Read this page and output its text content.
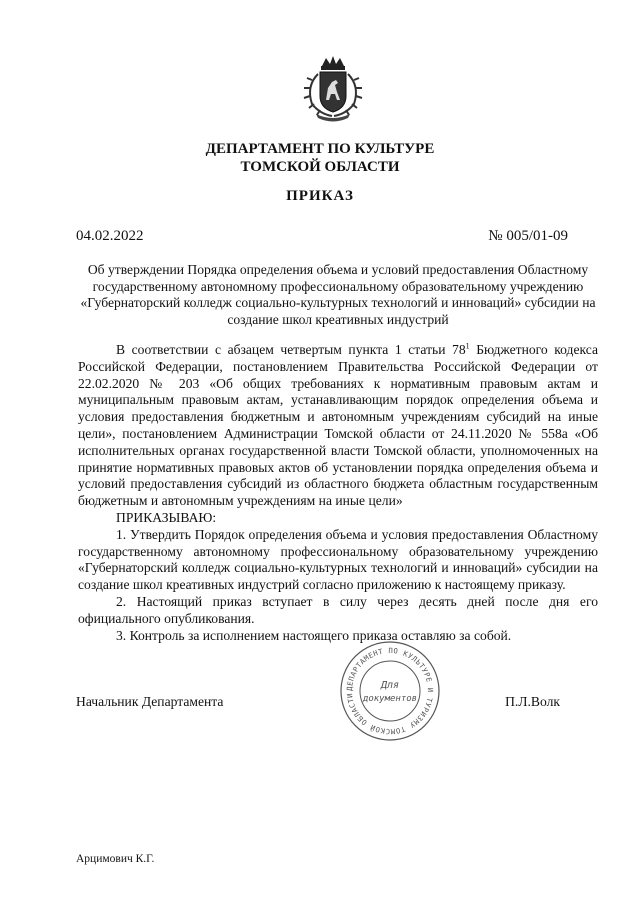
ДЕПАРТАМЕНТ ПО КУЛЬТУРЕ
ТОМСКОЙ ОБЛАСТИ
ПРИКАЗ
04.02.2022	№ 005/01-09
Об утверждении Порядка определения объема и условий предоставления Областному государственному автономному профессиональному образовательному учреждению «Губернаторский колледж социально-культурных технологий и инноваций» субсидии на создание школ креативных индустрий

В соответствии с абзацем четвертым пункта 1 статьи $78^1$ Бюджетного кодекса Российской Федерации, постановлением Правительства Российской Федерации от 22.02.2020 № 203 «Об общих требованиях к нормативным правовым актам и муниципальным правовым актам, устанавливающим порядок определения объема и условия предоставления бюджетным и автономным учреждениям субсидий на иные цели», постановлением Администрации Томской области от 24.11.2020 № 558а «Об исполнительных органах государственной власти Томской области, уполномоченных на принятие нормативных правовых актов об установлении порядка определения объема и условий предоставления субсидий из областного бюджета областным государственным бюджетным и автономным учреждениям на иные цели»

ПРИКАЗЫВАЮ:

1. Утвердить Порядок определения объема и условия предоставления Областному государственному автономному профессиональному образовательному учреждению «Губернаторский колледж социально-культурных технологий и инноваций» субсидии на создание школ креативных индустрий согласно приложению к настоящему приказу.

2. Настоящий приказ вступает в силу через десять дней после дня его официального опубликования.

3. Контроль за исполнением настоящего приказа оставляю за собой.

Начальник Департамента
ДЕПАРТАМЕНТ ПО КУЛЬТУРЕ И ТУРИЗМУ ТОМСКОЙ ОБЛАСТИ
Для
документов	П.Л.Волк
Арцимович К.Г.
